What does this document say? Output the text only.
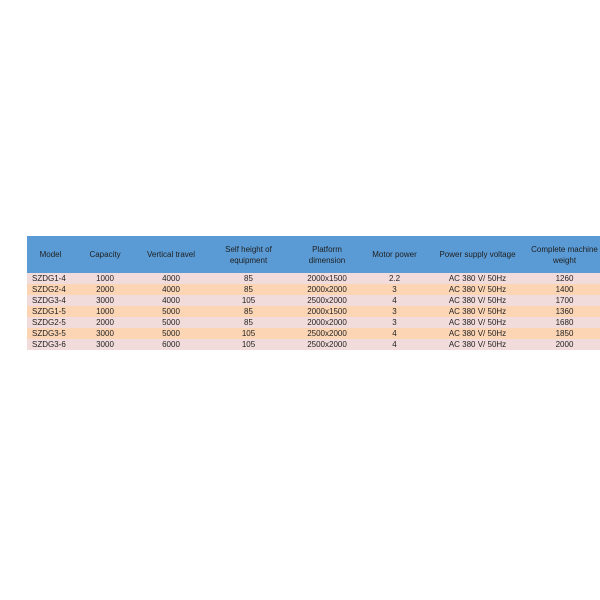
Model	Capacity	Vertical travel	Self height of equipment	Platform dimension	Motor power	Power supply voltage	Complete machine weight
SZDG1-4	1000	4000	85	2000x1500	2.2	AC 380 V/ 50Hz	1260
SZDG2-4	2000	4000	85	2000x2000	3	AC 380 V/ 50Hz	1400
SZDG3-4	3000	4000	105	2500x2000	4	AC 380 V/ 50Hz	1700
SZDG1-5	1000	5000	85	2000x1500	3	AC 380 V/ 50Hz	1360
SZDG2-5	2000	5000	85	2000x2000	3	AC 380 V/ 50Hz	1680
SZDG3-5	3000	5000	105	2500x2000	4	AC 380 V/ 50Hz	1850
SZDG3-6	3000	6000	105	2500x2000	4	AC 380 V/ 50Hz	2000
